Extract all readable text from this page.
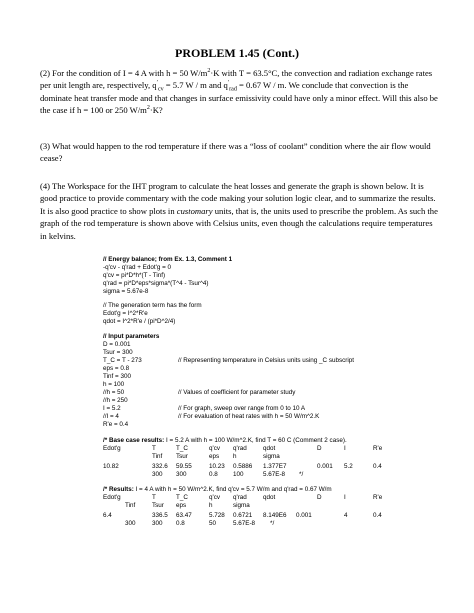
PROBLEM 1.45 (Cont.)
(2) For the condition of I = 4 A with h = 50 $W/m^2\cdot K$ with T = 63.5°C, the convection and radiation exchange rates per unit length are, respectively, $q'_{cv} = 5.7$ W / m and $q'_{rad} = 0.67$ W / m. We conclude that convection is the dominate heat transfer mode and that changes in surface emissivity could have only a minor effect. Will this also be the case if h = 100 or 250 $W/m^2\cdot K$?
(3) What would happen to the rod temperature if there was a “loss of coolant” condition where the air flow would cease?
(4) The Workspace for the IHT program to calculate the heat losses and generate the graph is shown below. It is good practice to provide commentary with the code making your solution logic clear, and to summarize the results. It is also good practice to show plots in customary units, that is, the units used to prescribe the problem. As such the graph of the rod temperature is shown above with Celsius units, even though the calculations require temperatures in kelvins.
// Energy balance; from Ex. 1.3, Comment 1
-q'cv - q'rad + Edot'g = 0
q'cv = pi*D*h*(T - Tinf)
q'rad = pi*D*eps*sigma*(T^4 - Tsur^4)
sigma = 5.67e-8
// The generation term has the form
Edot'g = I^2*R'e
qdot = I^2*R'e / (pi*D^2/4)
// Input parameters
D = 0.001
Tsur = 300
T_C = T - 273	// Representing temperature in Celsius units using _C subscript
eps = 0.8
Tinf = 300
h = 100
//h = 50	// Values of coefficient for parameter study
//h = 250
I = 5.2	// For graph, sweep over range from 0 to 10 A
//I = 4	// For evaluation of heat rates with h = 50 W/m^2.K
R'e = 0.4
/* Base case results: I = 5.2 A with h = 100 W/m^2.K, find T = 60 C (Comment 2 case).
Edot'g	T	T_C	q'cv q'rad	qdot	D	I	R'e
Tinf Tsur	eps h	sigma
10.82	332.6 59.55	10.23 0.5886 1.377E7	0.001 5.2	0.4
300 300	0.8 100	5.67E-8 */
/* Results: I = 4 A with h = 50 W/m^2.K, find q'cv = 5.7 W/m and q'rad = 0.67 W/m
Edot'g	T	T_C	q'cv q'rad	qdot	D	I	R'e
Tinf	Tsur eps	h	sigma
6.4	336.5 63.47	5.728 0.6721 8.149E6 0.001	4	0.4
300	300 0.8	50	5.67E-8 */
